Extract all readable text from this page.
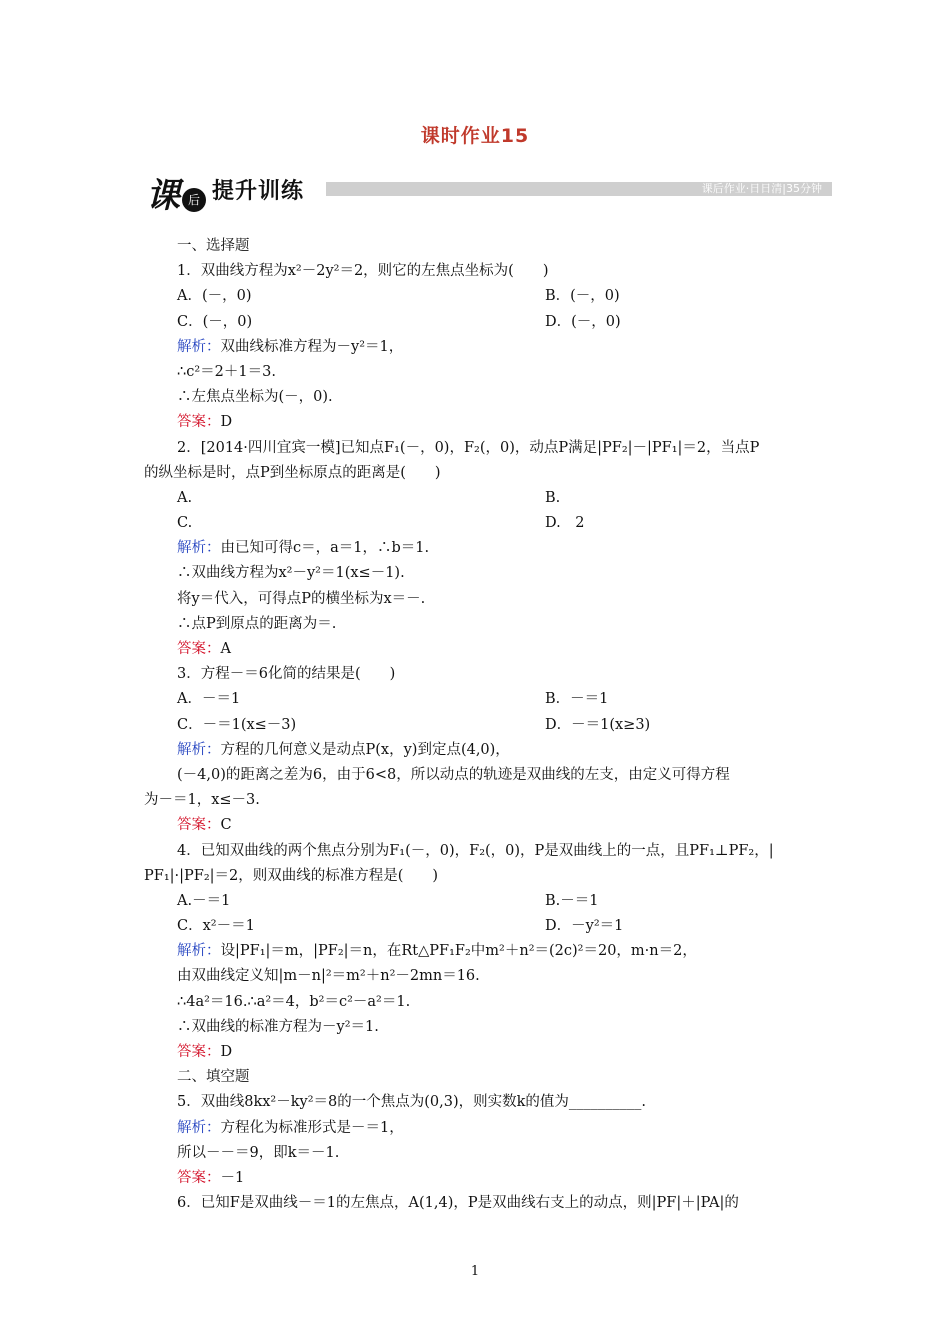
课时作业15
课 后 提升训练	课后作业·日日清|35分钟
一、选择题
1．双曲线方程为x²－2y²＝2，则它的左焦点坐标为(　　)
A．(－，0)	B．(－，0)
C．(－，0)	D．(－，0)
解析：双曲线标准方程为－y²＝1，
∴c²＝2＋1＝3.
∴左焦点坐标为(－，0).
答案：D
2．[2014·四川宜宾一模]已知点F₁(－，0)，F₂(，0)，动点P满足|PF₂|－|PF₁|＝2，当点P
的纵坐标是时，点P到坐标原点的距离是(　　)
A.	B.
C.	D.　2
解析：由已知可得c＝，a＝1，∴b＝1.
∴双曲线方程为x²－y²＝1(x≤－1).
将y＝代入，可得点P的横坐标为x＝－.
∴点P到原点的距离为＝.
答案：A
3．方程－＝6化简的结果是(　　)
A．－＝1	B．－＝1
C．－＝1(x≤－3)	D．－＝1(x≥3)
解析：方程的几何意义是动点P(x，y)到定点(4,0)，
(－4,0)的距离之差为6，由于6<8，所以动点的轨迹是双曲线的左支，由定义可得方程
为－＝1，x≤－3.
答案：C
4．已知双曲线的两个焦点分别为F₁(－，0)，F₂(，0)，P是双曲线上的一点，且PF₁⊥PF₂，|
PF₁|·|PF₂|＝2，则双曲线的标准方程是(　　)
A.－＝1	B.－＝1
C．x²－＝1	D．－y²＝1
解析：设|PF₁|＝m，|PF₂|＝n，在Rt△PF₁F₂中m²＋n²＝(2c)²＝20，m·n＝2，
由双曲线定义知|m－n|²＝m²＋n²－2mn＝16.
∴4a²＝16.∴a²＝4，b²＝c²－a²＝1.
∴双曲线的标准方程为－y²＝1.
答案：D
二、填空题
5．双曲线8kx²－ky²＝8的一个焦点为(0,3)，则实数k的值为__________.
解析：方程化为标准形式是－＝1，
所以－－＝9，即k＝－1.
答案：－1
6．已知F是双曲线－＝1的左焦点，A(1,4)，P是双曲线右支上的动点，则|PF|＋|PA|的
1
